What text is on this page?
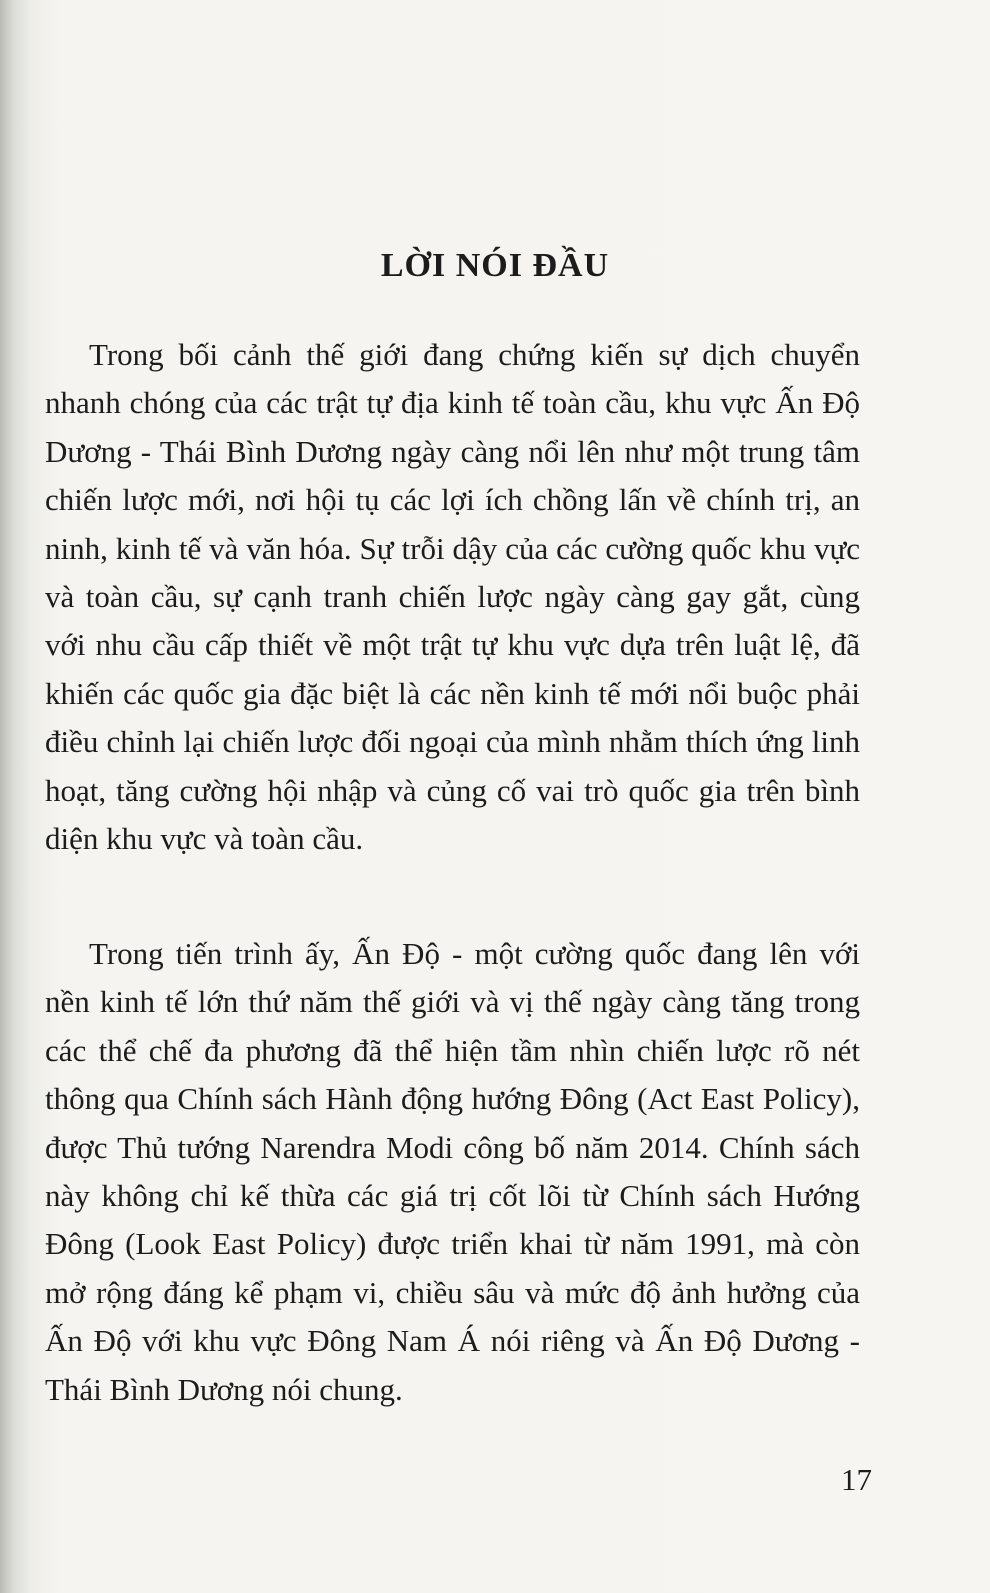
LỜI NÓI ĐẦU

Trong bối cảnh thế giới đang chứng kiến sự dịch chuyển nhanh chóng của các trật tự địa kinh tế toàn cầu, khu vực Ấn Độ Dương - Thái Bình Dương ngày càng nổi lên như một trung tâm chiến lược mới, nơi hội tụ các lợi ích chồng lấn về chính trị, an ninh, kinh tế và văn hóa. Sự trỗi dậy của các cường quốc khu vực và toàn cầu, sự cạnh tranh chiến lược ngày càng gay gắt, cùng với nhu cầu cấp thiết về một trật tự khu vực dựa trên luật lệ, đã khiến các quốc gia đặc biệt là các nền kinh tế mới nổi buộc phải điều chỉnh lại chiến lược đối ngoại của mình nhằm thích ứng linh hoạt, tăng cường hội nhập và củng cố vai trò quốc gia trên bình diện khu vực và toàn cầu.

Trong tiến trình ấy, Ấn Độ - một cường quốc đang lên với nền kinh tế lớn thứ năm thế giới và vị thế ngày càng tăng trong các thể chế đa phương đã thể hiện tầm nhìn chiến lược rõ nét thông qua Chính sách Hành động hướng Đông (Act East Policy), được Thủ tướng Narendra Modi công bố năm 2014. Chính sách này không chỉ kế thừa các giá trị cốt lõi từ Chính sách Hướng Đông (Look East Policy) được triển khai từ năm 1991, mà còn mở rộng đáng kể phạm vi, chiều sâu và mức độ ảnh hưởng của Ấn Độ với khu vực Đông Nam Á nói riêng và Ấn Độ Dương - Thái Bình Dương nói chung.

17
